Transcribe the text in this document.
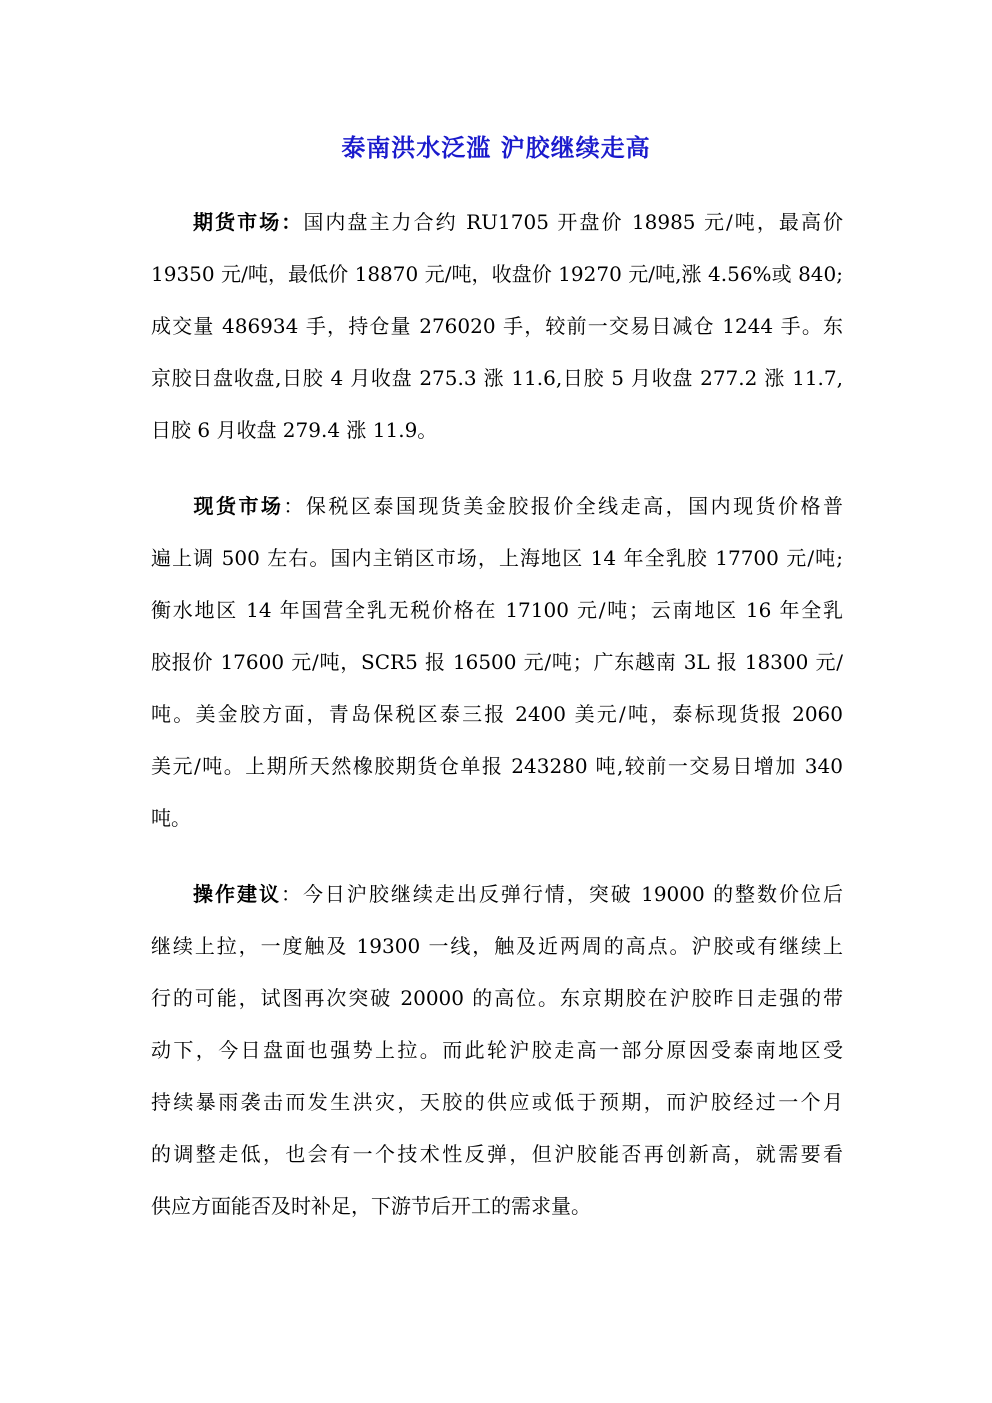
泰南洪水泛滥 沪胶继续走高
期货市场：国内盘主力合约 RU1705 开盘价 18985 元/吨，最高价
19350 元/吨，最低价 18870 元/吨，收盘价 19270 元/吨,涨 4.56%或 840;
成交量 486934 手，持仓量 276020 手，较前一交易日减仓 1244 手。东
京胶日盘收盘,日胶 4 月收盘 275.3 涨 11.6,日胶 5 月收盘 277.2 涨 11.7,
日胶 6 月收盘 279.4 涨 11.9。
现货市场：保税区泰国现货美金胶报价全线走高，国内现货价格普
遍上调 500 左右。国内主销区市场，上海地区 14 年全乳胶 17700 元/吨;
衡水地区 14 年国营全乳无税价格在 17100 元/吨；云南地区 16 年全乳
胶报价 17600 元/吨，SCR5 报 16500 元/吨；广东越南 3L 报 18300 元/
吨。美金胶方面，青岛保税区泰三报 2400 美元/吨，泰标现货报 2060
美元/吨。上期所天然橡胶期货仓单报 243280 吨,较前一交易日增加 340
吨。
操作建议：今日沪胶继续走出反弹行情，突破 19000 的整数价位后
继续上拉，一度触及 19300 一线，触及近两周的高点。沪胶或有继续上
行的可能，试图再次突破 20000 的高位。东京期胶在沪胶昨日走强的带
动下，今日盘面也强势上拉。而此轮沪胶走高一部分原因受泰南地区受
持续暴雨袭击而发生洪灾，天胶的供应或低于预期，而沪胶经过一个月
的调整走低，也会有一个技术性反弹，但沪胶能否再创新高，就需要看
供应方面能否及时补足，下游节后开工的需求量。
